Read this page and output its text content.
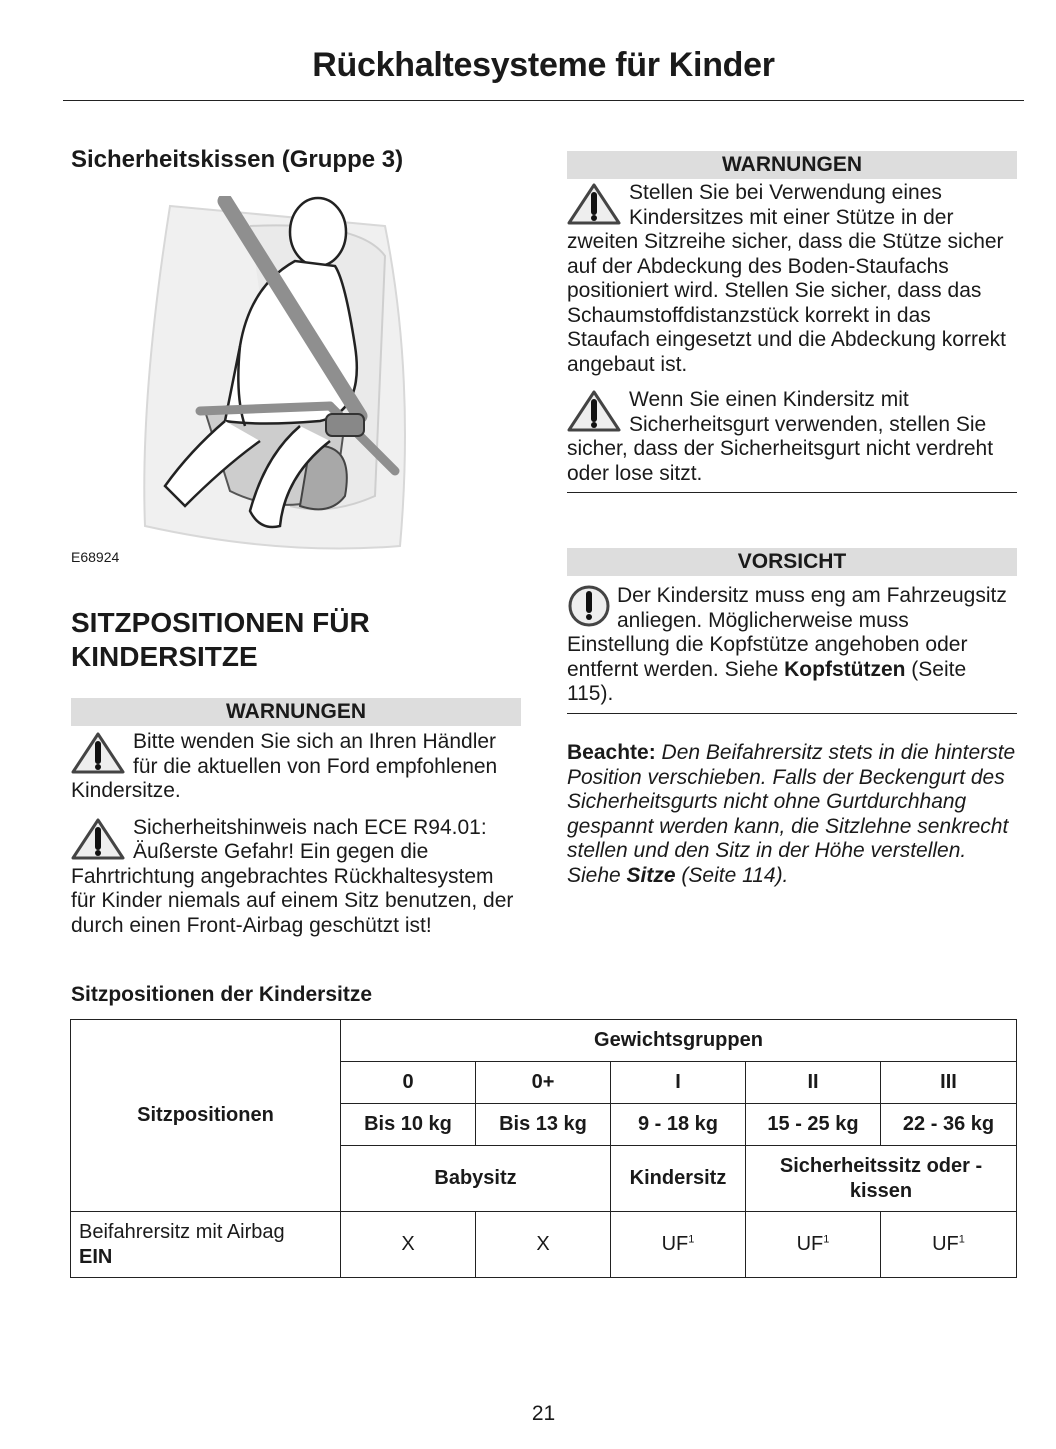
Rückhaltesysteme für Kinder
Sicherheitskissen (Gruppe 3)
E68924
SITZPOSITIONEN FÜR
KINDERSITZE
WARNUNGEN

Bitte wenden Sie sich an Ihren Händler für die aktuellen von Ford empfohlenen Kindersitze.

Sicherheitshinweis nach ECE R94.01: Äußerste Gefahr! Ein gegen die Fahrtrichtung angebrachtes Rückhaltesystem für Kinder niemals auf einem Sitz benutzen, der durch einen Front-Airbag geschützt ist!

WARNUNGEN

Stellen Sie bei Verwendung eines Kindersitzes mit einer Stütze in der zweiten Sitzreihe sicher, dass die Stütze sicher auf der Abdeckung des Boden-Staufachs positioniert wird. Stellen Sie sicher, dass das Schaumstoffdistanzstück korrekt in das Staufach eingesetzt und die Abdeckung korrekt angebaut ist.

Wenn Sie einen Kindersitz mit Sicherheitsgurt verwenden, stellen Sie sicher, dass der Sicherheitsgurt nicht verdreht oder lose sitzt.

VORSICHT

Der Kindersitz muss eng am Fahrzeugsitz anliegen. Möglicherweise muss Einstellung die Kopfstütze angehoben oder entfernt werden. Siehe Kopfstützen (Seite 115).

Beachte: Den Beifahrersitz stets in die hinterste Position verschieben. Falls der Beckengurt des Sicherheitsgurts nicht ohne Gurtdurchhang gespannt werden kann, die Sitzlehne senkrecht stellen und den Sitz in der Höhe verstellen. Siehe Sitze (Seite 114).

Sitzpositionen der Kindersitze
Sitzpositionen	Gewichtsgruppen				
	0	0+	I	II	III
	Bis 10 kg	Bis 13 kg	9 - 18 kg	15 - 25 kg	22 - 36 kg
	Babysitz		Kindersitz	Sicherheitssitz oder -kissen	
Beifahrersitz mit Airbag
EIN	X	X	$UF^1$	$UF^1$	$UF^1$
21
